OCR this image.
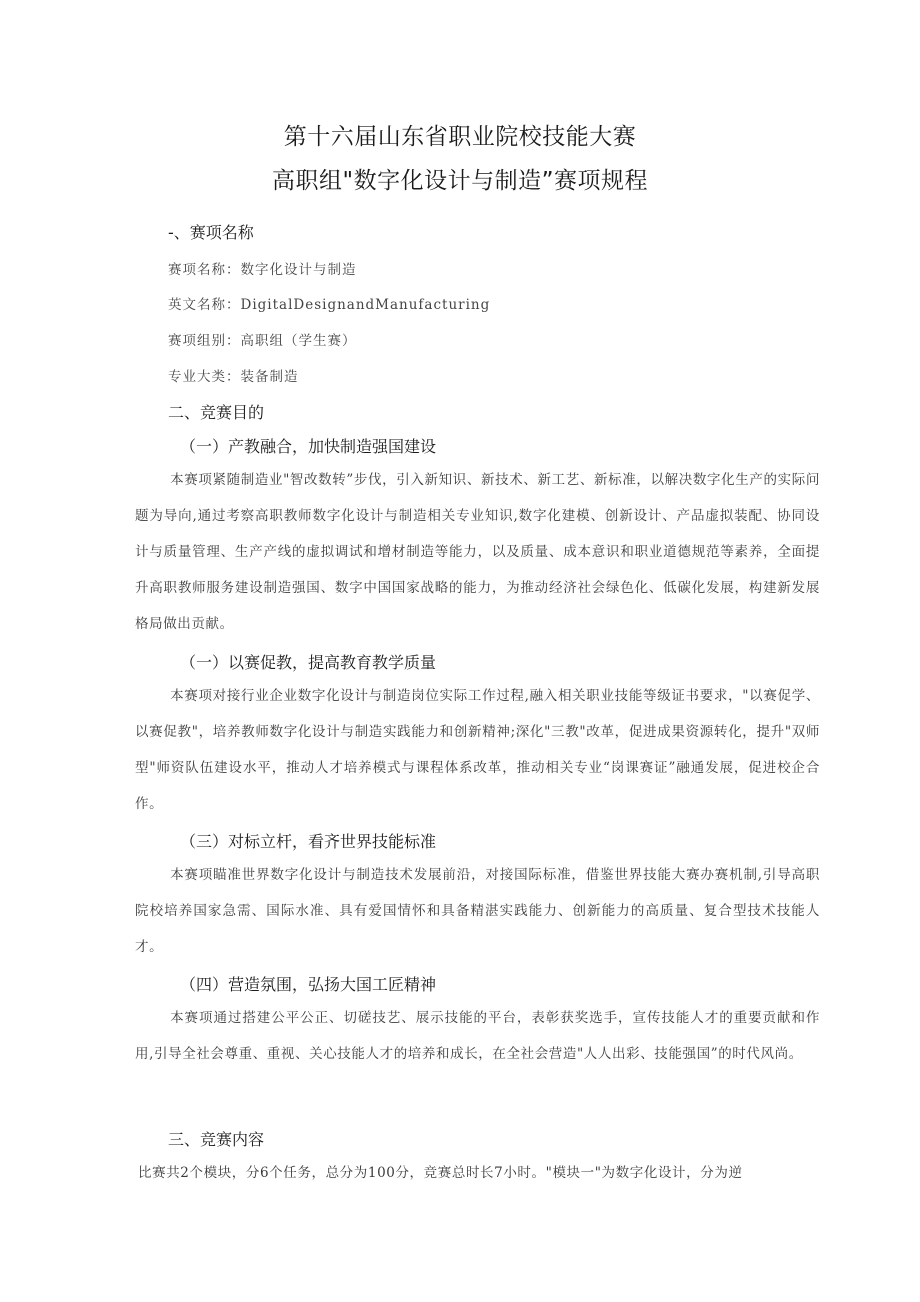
第十六届山东省职业院校技能大赛
高职组"数字化设计与制造”赛项规程
-、赛项名称
赛项名称：数字化设计与制造
英文名称：DigitalDesignandManufacturing
赛项组别：高职组（学生赛）
专业大类：装备制造
二、竞赛目的
（一）产教融合，加快制造强国建设
本赛项紧随制造业"智改数转”步伐，引入新知识、新技术、新工艺、新标准，以解决数字化生产的实际问题为导向,通过考察高职教师数字化设计与制造相关专业知识,数字化建模、创新设计、产品虚拟装配、协同设计与质量管理、生产产线的虚拟调试和增材制造等能力，以及质量、成本意识和职业道德规范等素养，全面提升高职教师服务建设制造强国、数字中国国家战略的能力，为推动经济社会绿色化、低碳化发展，构建新发展格局做出贡献。
（一）以赛促教，提高教育教学质量
本赛项对接行业企业数字化设计与制造岗位实际工作过程,融入相关职业技能等级证书要求，"以赛促学、以赛促教"，培养教师数字化设计与制造实践能力和创新精神;深化"三教"改革，促进成果资源转化，提升"双师型"师资队伍建设水平，推动人才培养模式与课程体系改革，推动相关专业“岗课赛证”融通发展，促进校企合作。
（三）对标立杆，看齐世界技能标准
本赛项瞄准世界数字化设计与制造技术发展前沿，对接国际标准，借鉴世界技能大赛办赛机制,引导高职院校培养国家急需、国际水准、具有爱国情怀和具备精湛实践能力、创新能力的高质量、复合型技术技能人才。
（四）营造氛围，弘扬大国工匠精神
本赛项通过搭建公平公正、切磋技艺、展示技能的平台，表彰获奖选手，宣传技能人才的重要贡献和作用,引导全社会尊重、重视、关心技能人才的培养和成长，在全社会营造"人人出彩、技能强国”的时代风尚。
三、竞赛内容
比赛共2个模块，分6个任务，总分为100分，竞赛总时长7小时。"模块一"为数字化设计，分为逆
